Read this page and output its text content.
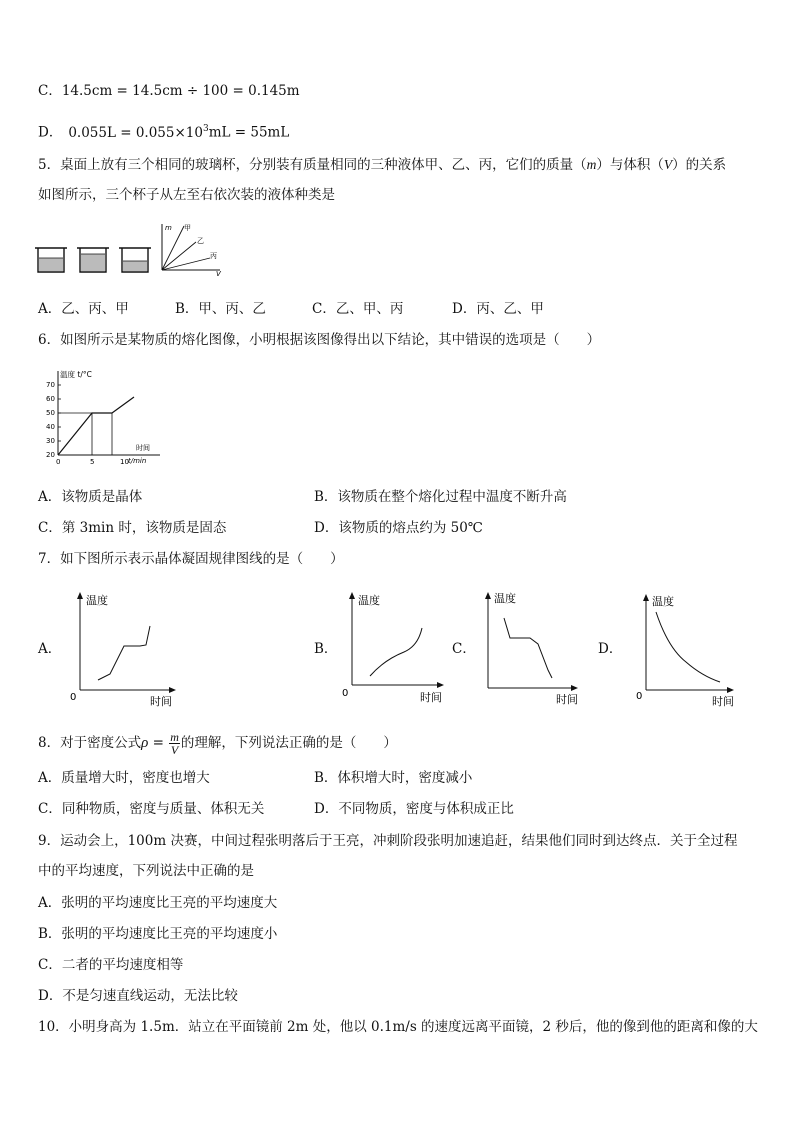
C．14.5cm = 14.5cm ÷ 100 = 0.145m
D． $0.055L = 0.055\times 10^3mL = 55mL$
5．桌面上放有三个相同的玻璃杯，分别装有质量相同的三种液体甲、乙、丙，它们的质量（m）与体积（V）的关系
如图所示，三个杯子从左至右依次装的液体种类是
m
V
甲
乙
丙
A．乙、丙、甲	B．甲、丙、乙	C．乙、甲、丙	D．丙、乙、甲
6．如图所示是某物质的熔化图像，小明根据该图像得出以下结论，其中错误的选项是（　　）
70
60
50
40
30
20
温度 t/°C
时间
t/min
0	5	10
A．该物质是晶体	B．该物质在整个熔化过程中温度不断升高
C．第 3min 时，该物质是固态	D．该物质的熔点约为 50℃
7．如下图所示表示晶体凝固规律图线的是（　　）
A．	B．	C．	D．
温度
0	时间
温度
0	时间
温度
时间
温度
0	时间
8．对于密度公式$\rho = \frac{m}{V}$ 的理解，下列说法正确的是（　　）
A．质量增大时，密度也增大	B．体积增大时，密度减小
C．同种物质，密度与质量、体积无关	D．不同物质，密度与体积成正比
9．运动会上，100m 决赛，中间过程张明落后于王亮，冲刺阶段张明加速追赶，结果他们同时到达终点．关于全过程
中的平均速度，下列说法中正确的是
A．张明的平均速度比王亮的平均速度大
B．张明的平均速度比王亮的平均速度小
C．二者的平均速度相等
D．不是匀速直线运动，无法比较
10．小明身高为 1.5m．站立在平面镜前 2m 处，他以 0.1m/s 的速度远离平面镜，2 秒后，他的像到他的距离和像的大
